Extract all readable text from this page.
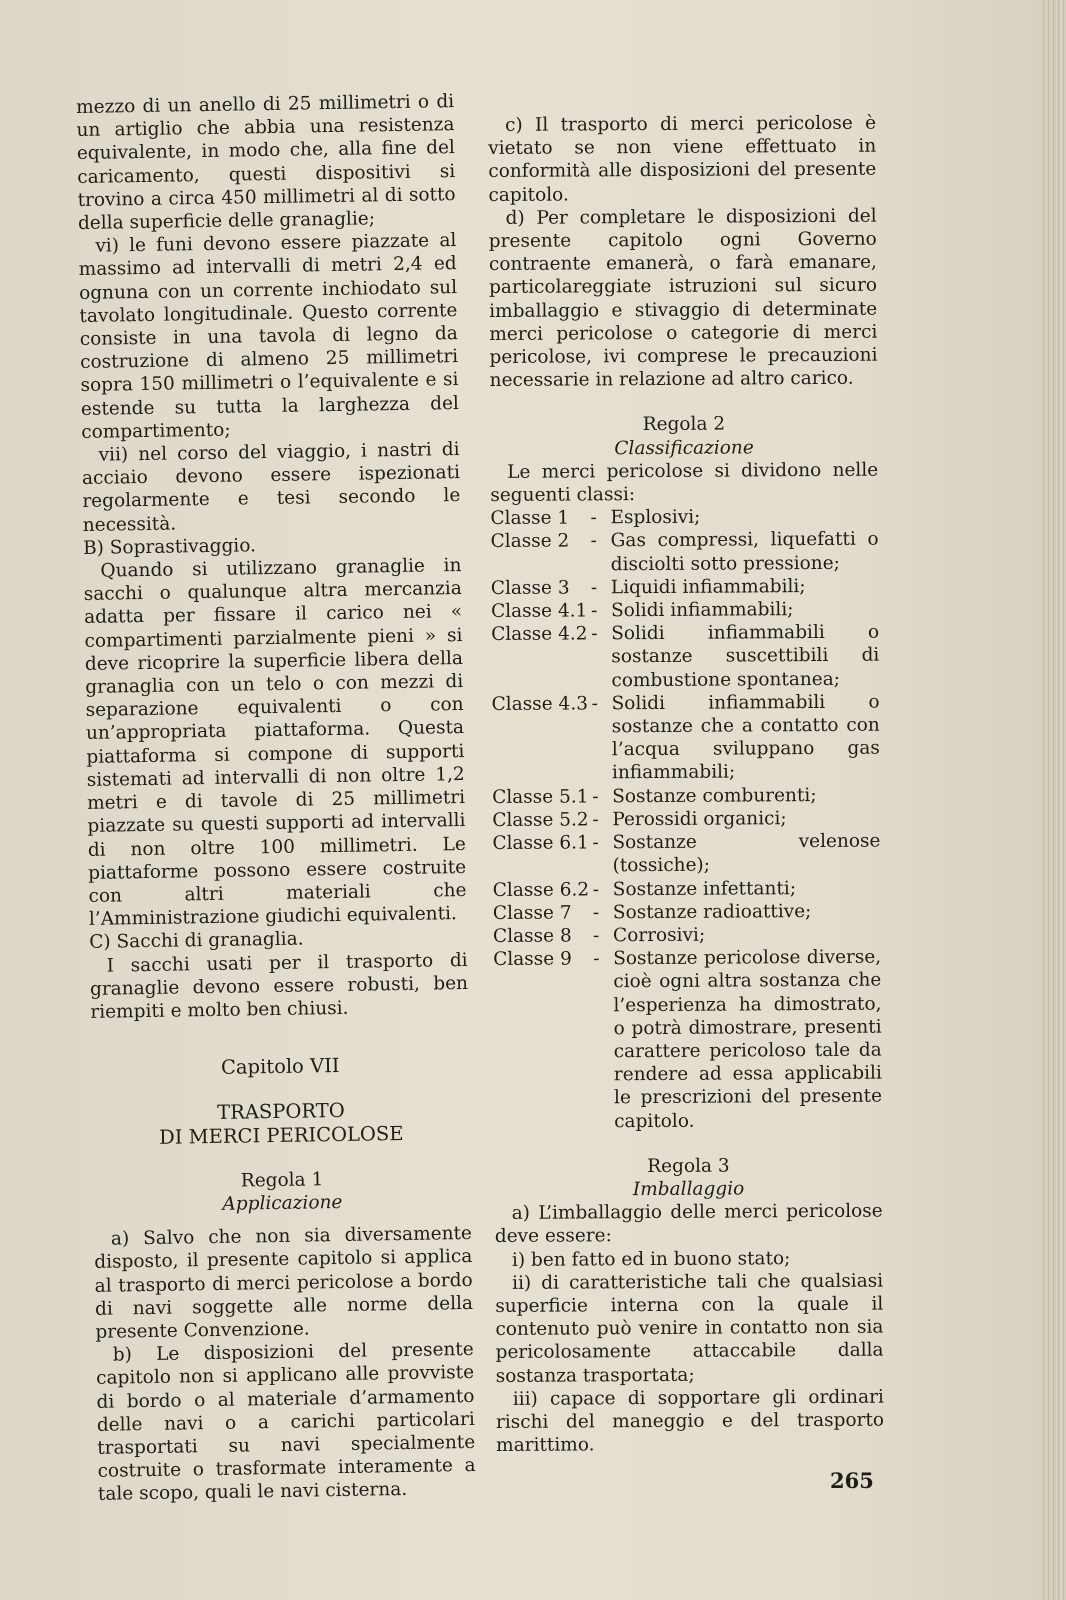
mezzo di un anello di 25 millimetri o di un artiglio che abbia una resistenza equivalente, in modo che, alla fine del caricamento, questi dispositivi si trovino a circa 450 millimetri al di sotto della superficie delle granaglie;

vi) le funi devono essere piazzate al massimo ad intervalli di metri 2,4 ed ognuna con un corrente inchiodato sul tavolato longitudinale. Questo corrente consiste in una tavola di legno da costruzione di almeno 25 millimetri sopra 150 millimetri o l’equivalente e si estende su tutta la larghezza del compartimento;

vii) nel corso del viaggio, i nastri di acciaio devono essere ispezionati regolarmente e tesi secondo le necessità.

B) Soprastivaggio.

Quando si utilizzano granaglie in sacchi o qualunque altra mercanzia adatta per fissare il carico nei « compartimenti parzialmente pieni » si deve ricoprire la superficie libera della granaglia con un telo o con mezzi di separazione equivalenti o con un’appropriata piattaforma. Questa piattaforma si compone di supporti sistemati ad intervalli di non oltre 1,2 metri e di tavole di 25 millimetri piazzate su questi supporti ad intervalli di non oltre 100 millimetri. Le piattaforme possono essere costruite con altri materiali che l’Amministrazione giudichi equivalenti.

C) Sacchi di granaglia.

I sacchi usati per il trasporto di granaglie devono essere robusti, ben riempiti e molto ben chiusi.

Capitolo VII

TRASPORTO

DI MERCI PERICOLOSE

Regola 1

Applicazione

a) Salvo che non sia diversamente disposto, il presente capitolo si applica al trasporto di merci pericolose a bordo di navi soggette alle norme della presente Convenzione.

b) Le disposizioni del presente capitolo non si applicano alle provviste di bordo o al materiale d’armamento delle navi o a carichi particolari trasportati su navi specialmente costruite o trasformate interamente a tale scopo, quali le navi cisterna.

c) Il trasporto di merci pericolose è vietato se non viene effettuato in conformità alle disposizioni del presente capitolo.

d) Per completare le disposizioni del presente capitolo ogni Governo contraente emanerà, o farà emanare, particolareggiate istruzioni sul sicuro imballaggio e stivaggio di determinate merci pericolose o categorie di merci pericolose, ivi comprese le precauzioni necessarie in relazione ad altro carico.

Regola 2

Classificazione

Le merci pericolose si dividono nelle seguenti classi:

Classe 1	- Esplosivi;
Classe 2	- Gas compressi, liquefatti o disciolti sotto pressione;
Classe 3	- Liquidi infiammabili;
Classe 4.1 - Solidi infiammabili;
Classe 4.2 - Solidi infiammabili o sostanze suscettibili di combustione spontanea;
Classe 4.3 - Solidi infiammabili o sostanze che a contatto con l’acqua sviluppano gas infiammabili;
Classe 5.1 - Sostanze comburenti;
Classe 5.2 - Perossidi organici;
Classe 6.1 - Sostanze velenose (tossiche);
Classe 6.2 - Sostanze infettanti;
Classe 7	- Sostanze radioattive;
Classe 8	- Corrosivi;
Classe 9	- Sostanze pericolose diverse, cioè ogni altra sostanza che l’esperienza ha dimostrato, o potrà dimostrare, presenti carattere pericoloso tale da rendere ad essa applicabili le prescrizioni del presente capitolo.

Regola 3

Imballaggio

a) L’imballaggio delle merci pericolose deve essere:

i) ben fatto ed in buono stato;

ii) di caratteristiche tali che qualsiasi superficie interna con la quale il contenuto può venire in contatto non sia pericolosamente attaccabile dalla sostanza trasportata;

iii) capace di sopportare gli ordinari rischi del maneggio e del trasporto marittimo.

265
